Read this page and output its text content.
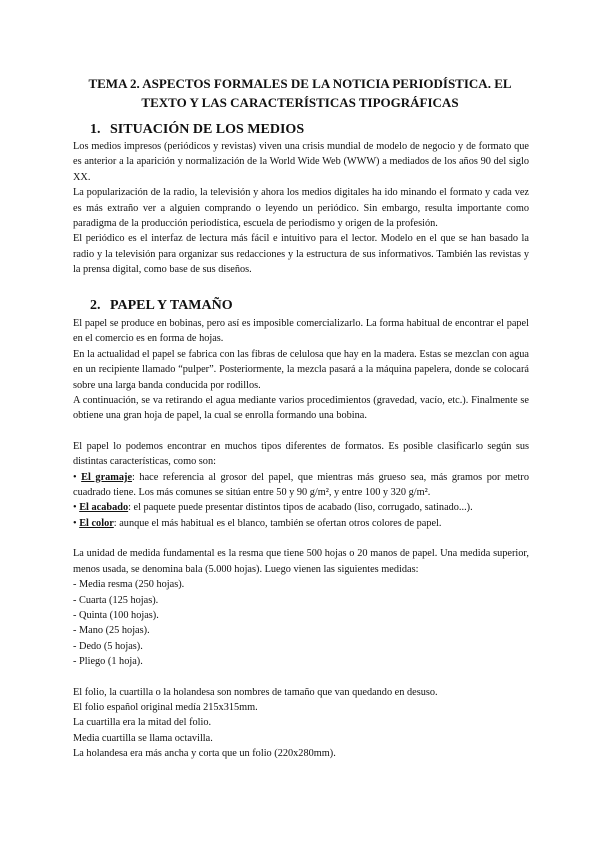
TEMA 2. ASPECTOS FORMALES DE LA NOTICIA PERIODÍSTICA. EL
TEXTO Y LAS CARACTERÍSTICAS TIPOGRÁFICAS
1. SITUACIÓN DE LOS MEDIOS

Los medios impresos (periódicos y revistas) viven una crisis mundial de modelo de negocio y de formato que es anterior a la aparición y normalización de la World Wide Web (WWW) a mediados de los años 90 del siglo XX.

La popularización de la radio, la televisión y ahora los medios digitales ha ido minando el formato y cada vez es más extraño ver a alguien comprando o leyendo un periódico. Sin embargo, resulta importante como paradigma de la producción periodística, escuela de periodismo y origen de la profesión.

El periódico es el interfaz de lectura más fácil e intuitivo para el lector. Modelo en el que se han basado la radio y la televisión para organizar sus redacciones y la estructura de sus informativos. También las revistas y la prensa digital, como base de sus diseños.

2. PAPEL Y TAMAÑO

El papel se produce en bobinas, pero así es imposible comercializarlo. La forma habitual de encontrar el papel en el comercio es en forma de hojas.

En la actualidad el papel se fabrica con las fibras de celulosa que hay en la madera. Estas se mezclan con agua en un recipiente llamado “pulper”. Posteriormente, la mezcla pasará a la máquina papelera, donde se colocará sobre una larga banda conducida por rodillos.

A continuación, se va retirando el agua mediante varios procedimientos (gravedad, vacío, etc.). Finalmente se obtiene una gran hoja de papel, la cual se enrolla formando una bobina.

El papel lo podemos encontrar en muchos tipos diferentes de formatos. Es posible clasificarlo según sus distintas características, como son:

• El gramaje: hace referencia al grosor del papel, que mientras más grueso sea, más gramos por metro cuadrado tiene. Los más comunes se sitúan entre 50 y 90 g/m², y entre 100 y 320 g/m².

• El acabado: el paquete puede presentar distintos tipos de acabado (liso, corrugado, satinado...).

• El color: aunque el más habitual es el blanco, también se ofertan otros colores de papel.

La unidad de medida fundamental es la resma que tiene 500 hojas o 20 manos de papel. Una medida superior, menos usada, se denomina bala (5.000 hojas). Luego vienen las siguientes medidas:

- Media resma (250 hojas).

- Cuarta (125 hojas).

- Quinta (100 hojas).

- Mano (25 hojas).

- Dedo (5 hojas).

- Pliego (1 hoja).

El folio, la cuartilla o la holandesa son nombres de tamaño que van quedando en desuso.

El folio español original medía 215x315mm.

La cuartilla era la mitad del folio.

Media cuartilla se llama octavilla.

La holandesa era más ancha y corta que un folio (220x280mm).
